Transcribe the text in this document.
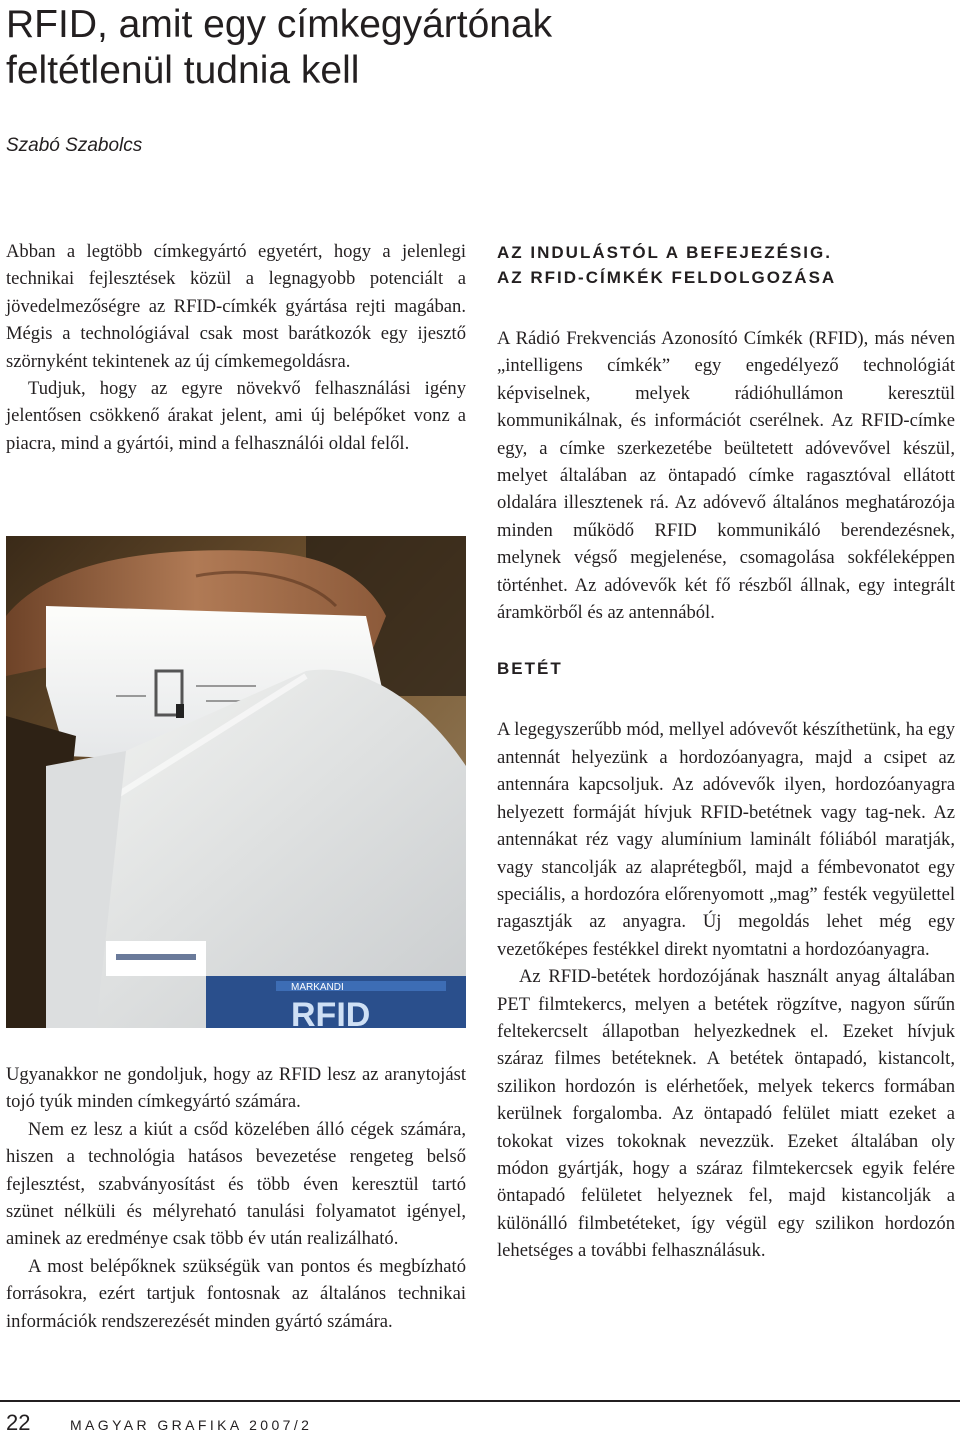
RFID, amit egy címkegyártónak
feltétlenül tudnia kell
Szabó Szabolcs

Abban a legtöbb címkegyártó egyetért, hogy a jelenlegi technikai fejlesztések közül a legnagyobb potenciált a jövedelmezőségre az RFID-címkék gyártása rejti magában. Mégis a technológiával csak most barátkozók egy ijesztő szörnyként tekintenek az új címkemegoldásra.

Tudjuk, hogy az egyre növekvő felhasználási igény jelentősen csökkenő árakat jelent, ami új belépőket vonz a piacra, mind a gyártói, mind a felhasználói oldal felől.

MARKANDI
RFID

Ugyanakkor ne gondoljuk, hogy az RFID lesz az aranytojást tojó tyúk minden címkegyártó számára.

Nem ez lesz a kiút a csőd közelében álló cégek számára, hiszen a technológia hatásos bevezetése rengeteg belső fejlesztést, szabványosítást és több éven keresztül tartó szünet nélküli és mélyreható tanulási folyamatot igényel, aminek az eredménye csak több év után realizálható.

A most belépőknek szükségük van pontos és megbízható forrásokra, ezért tartjuk fontosnak az általános technikai információk rendszerezését minden gyártó számára.

AZ INDULÁSTÓL A BEFEJEZÉSIG.
AZ RFID-CÍMKÉK FELDOLGOZÁSA

A Rádió Frekvenciás Azonosító Címkék (RFID), más néven „intelligens címkék” egy engedélyező technológiát képviselnek, melyek rádióhullámon keresztül kommunikálnak, és információt cserélnek. Az RFID-címke egy, a címke szerkezetébe beültetett adóvevővel készül, melyet általában az öntapadó címke ragasztóval ellátott oldalára illesztenek rá. Az adóvevő általános meghatározója minden működő RFID kommunikáló berendezésnek, melynek végső megjelenése, csomagolása sokféleképpen történhet. Az adóvevők két fő részből állnak, egy integrált áramkörből és az antennából.

BETÉT

A legegyszerűbb mód, mellyel adóvevőt készíthetünk, ha egy antennát helyezünk a hordozóanyagra, majd a csipet az antennára kapcsoljuk. Az adóvevők ilyen, hordozóanyagra helyezett formáját hívjuk RFID-betétnek vagy tag-nek. Az antennákat réz vagy alumínium laminált fóliából maratják, vagy stancolják az alaprétegből, majd a fémbevonatot egy speciális, a hordozóra előrenyomott „mag” festék vegyülettel ragasztják az anyagra. Új megoldás lehet még egy vezetőképes festékkel direkt nyomtatni a hordozóanyagra.

Az RFID-betétek hordozójának használt anyag általában PET filmtekercs, melyen a betétek rögzítve, nagyon sűrűn feltekercselt állapotban helyezkednek el. Ezeket hívjuk száraz filmes betéteknek. A betétek öntapadó, kistancolt, szilikon hordozón is elérhetőek, melyek tekercs formában kerülnek forgalomba. Az öntapadó felület miatt ezeket a tokokat vizes tokoknak nevezzük. Ezeket általában oly módon gyártják, hogy a száraz filmtekercsek egyik felére öntapadó felületet helyeznek fel, majd kistancolják a különálló filmbetéteket, így végül egy szilikon hordozón lehetséges a további felhasználásuk.

22	MAGYAR GRAFIKA 2007/2
